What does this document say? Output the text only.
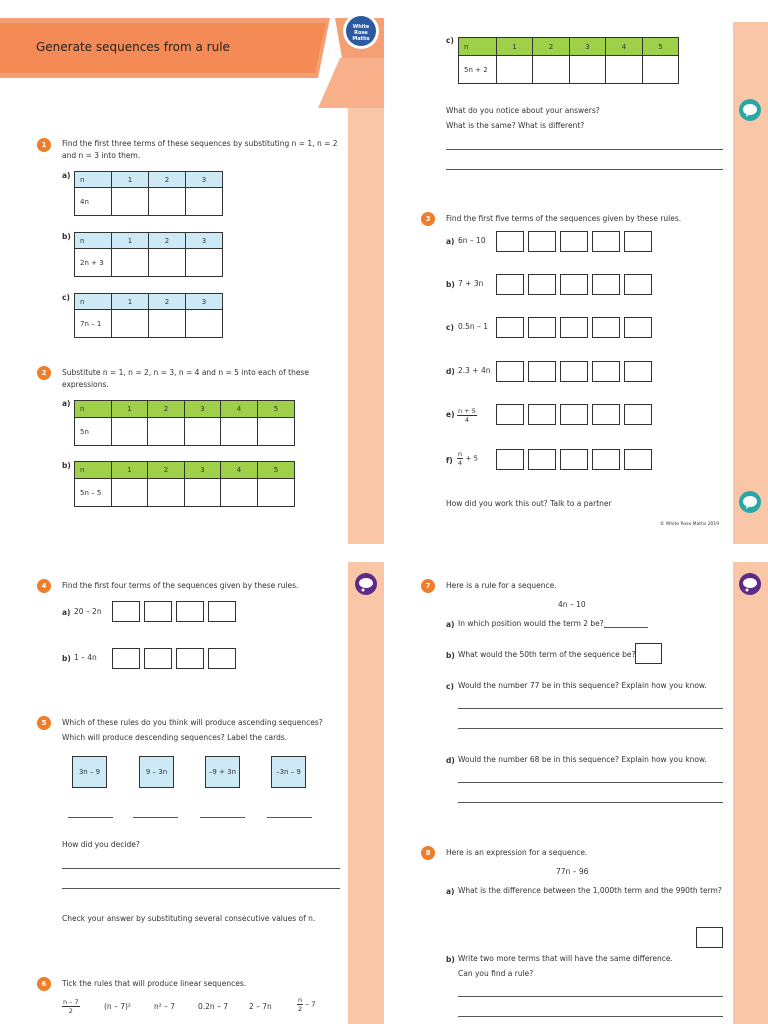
Generate sequences from a rule
White Rose Maths
1	Find the first three terms of these sequences by substituting n = 1, n = 2
and n = 3 into them.
a) n	1	2	3
4n			
b) n	1	2	3
2n + 3			
c) n	1	2	3
7n – 1			
2	Substitute n = 1, n = 2, n = 3, n = 4 and n = 5 into each of these
expressions.
a)
n	1	2	3	4	5
5n					
b) n	1	2	3	4	5
5n – 5					
c)
n	1	2	3	4	5
5n + 2					
What do you notice about your answers?
What is the same? What is different?
3	Find the first five terms of the sequences given by these rules.
a) 6n – 10
b) 7 + 3n
c) 0.5n – 1
d) 2.3 + 4n
$e) \frac{n + 5}{4}$
$f) \frac{n}{4} + 5$
How did you work this out? Talk to a partner
© White Rose Maths 2019
4	Find the first four terms of the sequences given by these rules.
a) 20 – 2n
b) 1 – 4n
5	Which of these rules do you think will produce ascending sequences?
Which will produce descending sequences? Label the cards.
3n – 9	9 – 3n	–9 + 3n	–3n – 9
How did you decide?
Check your answer by substituting several consecutive values of n.
6	Tick the rules that will produce linear sequences.
$\frac{n - 7}{2}$	(n – 7)²	n² – 7	0.2n – 7	2 – 7n	$\frac{n}{2} - 7$
7	Here is a rule for a sequence.
4n – 10
a) In which position would the term 2 be?
b) What would the 50th term of the sequence be?
c) Would the number 77 be in this sequence? Explain how you know.
d) Would the number 68 be in this sequence? Explain how you know.
8	Here is an expression for a sequence.
77n – 96
a) What is the difference between the 1,000th term and the 990th term?
b) Write two more terms that will have the same difference.
Can you find a rule?
